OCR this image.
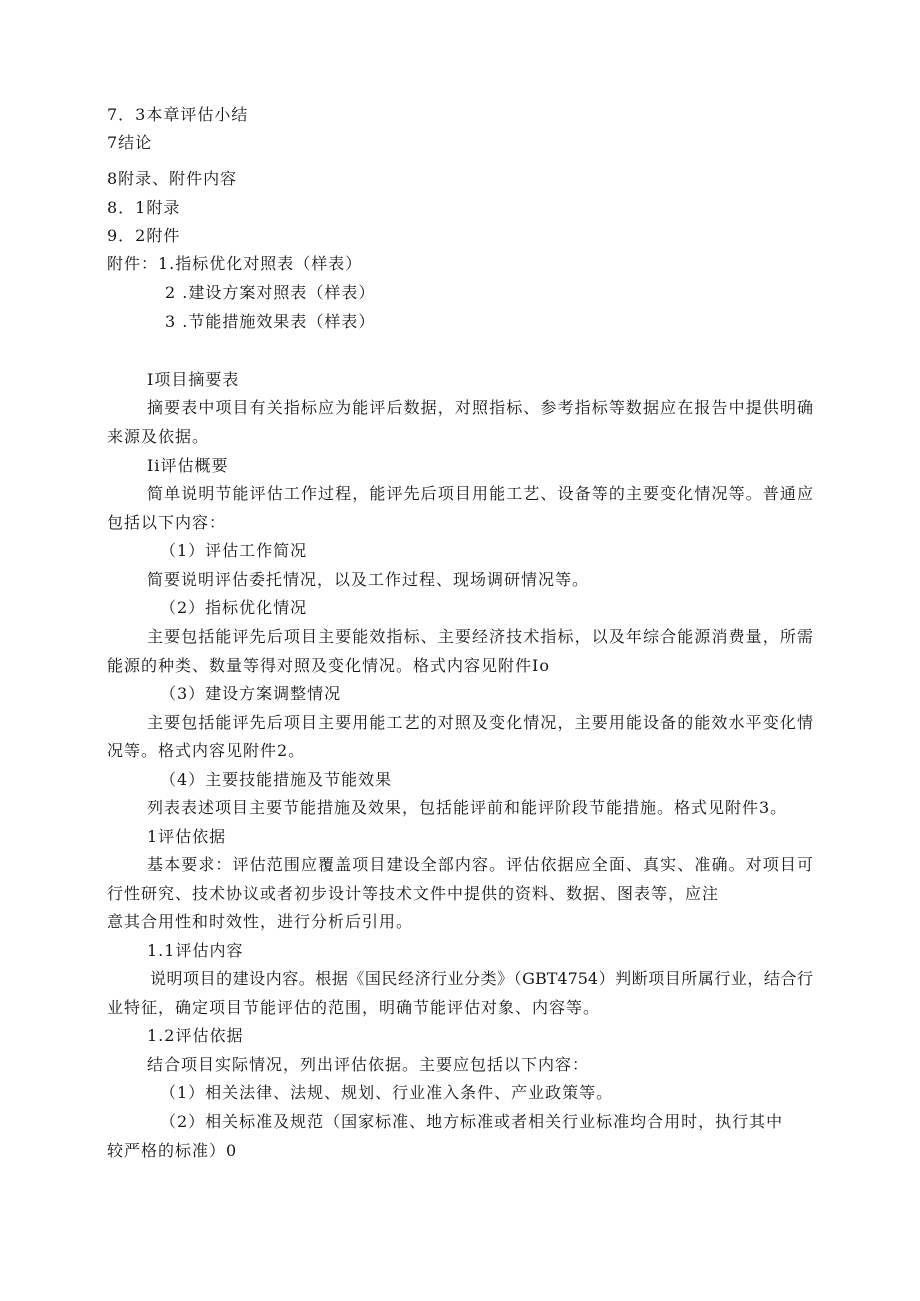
7．3本章评估小结
7结论
8附录、附件内容
8．1附录
9．2附件
附件：1.指标优化对照表（样表）
2 .建设方案对照表（样表）
3 .节能措施效果表（样表）
I项目摘要表
摘要表中项目有关指标应为能评后数据，对照指标、参考指标等数据应在报告中提供明确
来源及依据。
Ii评估概要
简单说明节能评估工作过程，能评先后项目用能工艺、设备等的主要变化情况等。普通应
包括以下内容：
（1）评估工作简况
简要说明评估委托情况，以及工作过程、现场调研情况等。
（2）指标优化情况
主要包括能评先后项目主要能效指标、主要经济技术指标，以及年综合能源消费量，所需
能源的种类、数量等得对照及变化情况。格式内容见附件Io
（3）建设方案调整情况
主要包括能评先后项目主要用能工艺的对照及变化情况，主要用能设备的能效水平变化情
况等。格式内容见附件2。
（4）主要技能措施及节能效果
列表表述项目主要节能措施及效果，包括能评前和能评阶段节能措施。格式见附件3。
1评估依据
基本要求：评估范围应覆盖项目建设全部内容。评估依据应全面、真实、准确。对项目可
行性研究、技术协议或者初步设计等技术文件中提供的资料、数据、图表等，应注
意其合用性和时效性，进行分析后引用。
1.1评估内容
说明项目的建设内容。根据《国民经济行业分类》（GBT4754）判断项目所属行业，结合行
业特征，确定项目节能评估的范围，明确节能评估对象、内容等。
1.2评估依据
结合项目实际情况，列出评估依据。主要应包括以下内容：
（1）相关法律、法规、规划、行业准入条件、产业政策等。
（2）相关标准及规范（国家标准、地方标准或者相关行业标准均合用时，执行其中
较严格的标准）0
